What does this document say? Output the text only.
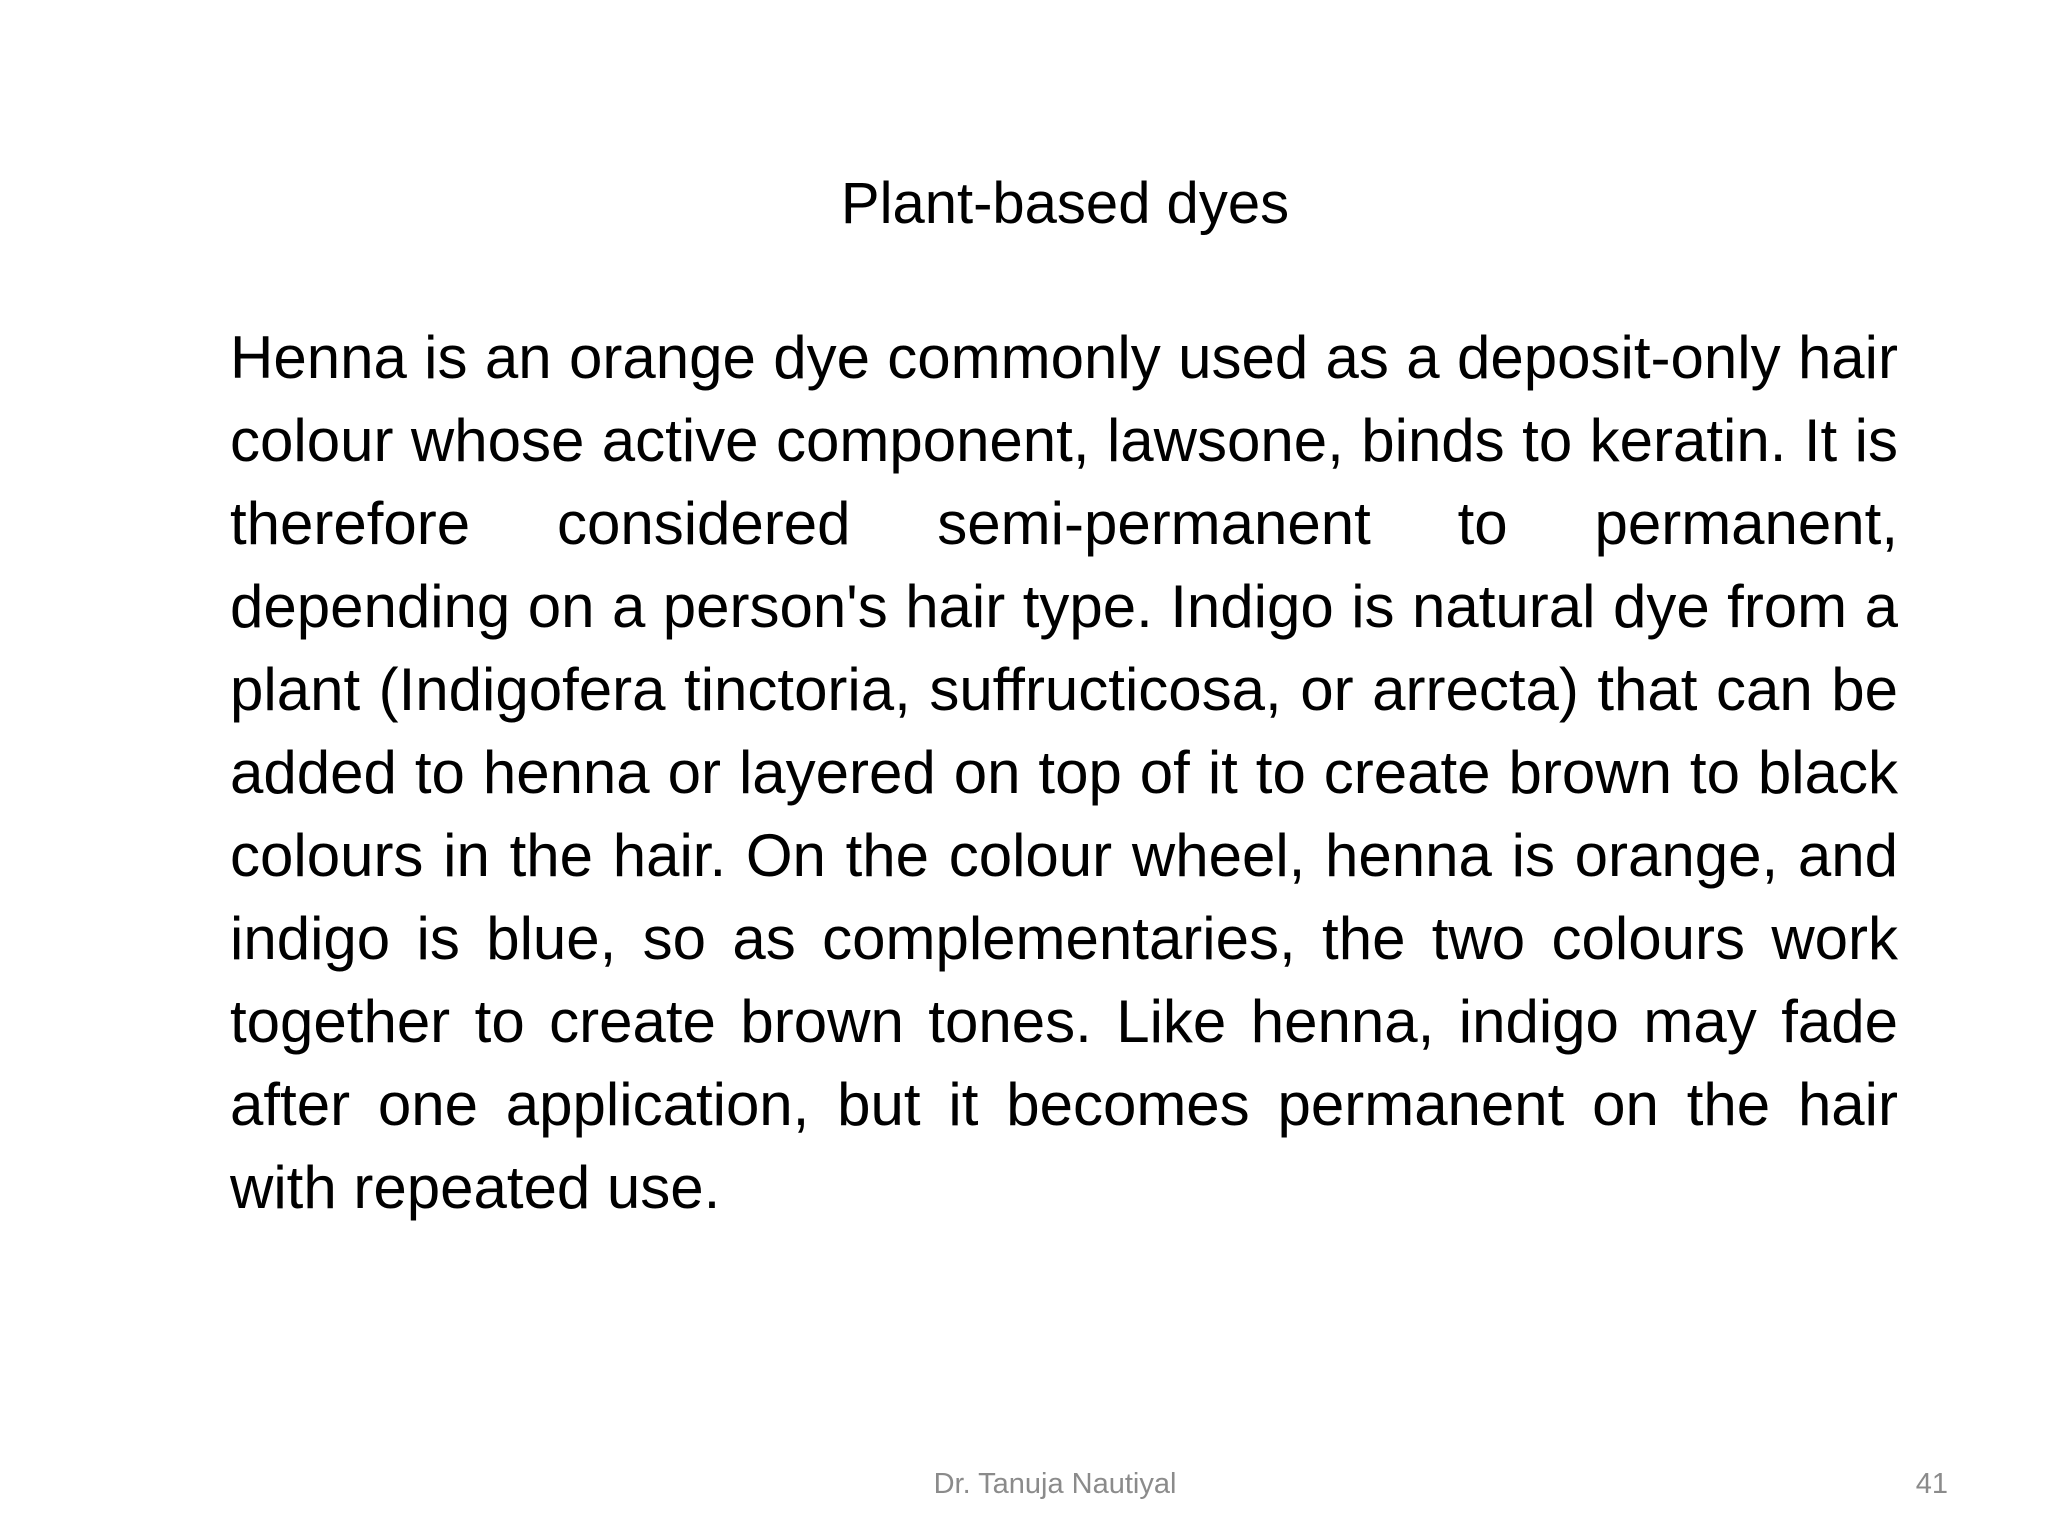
Plant-based dyes
Henna is an orange dye commonly used as a deposit-only hair colour whose active component, lawsone, binds to keratin. It is therefore considered semi-permanent to permanent, depending on a person's hair type. Indigo is natural dye from a plant (Indigofera tinctoria, suffructicosa, or arrecta) that can be added to henna or layered on top of it to create brown to black colours in the hair. On the colour wheel, henna is orange, and indigo is blue, so as complementaries, the two colours work together to create brown tones. Like henna, indigo may fade after one application, but it becomes permanent on the hair with repeated use.
Dr. Tanuja Nautiyal	41
